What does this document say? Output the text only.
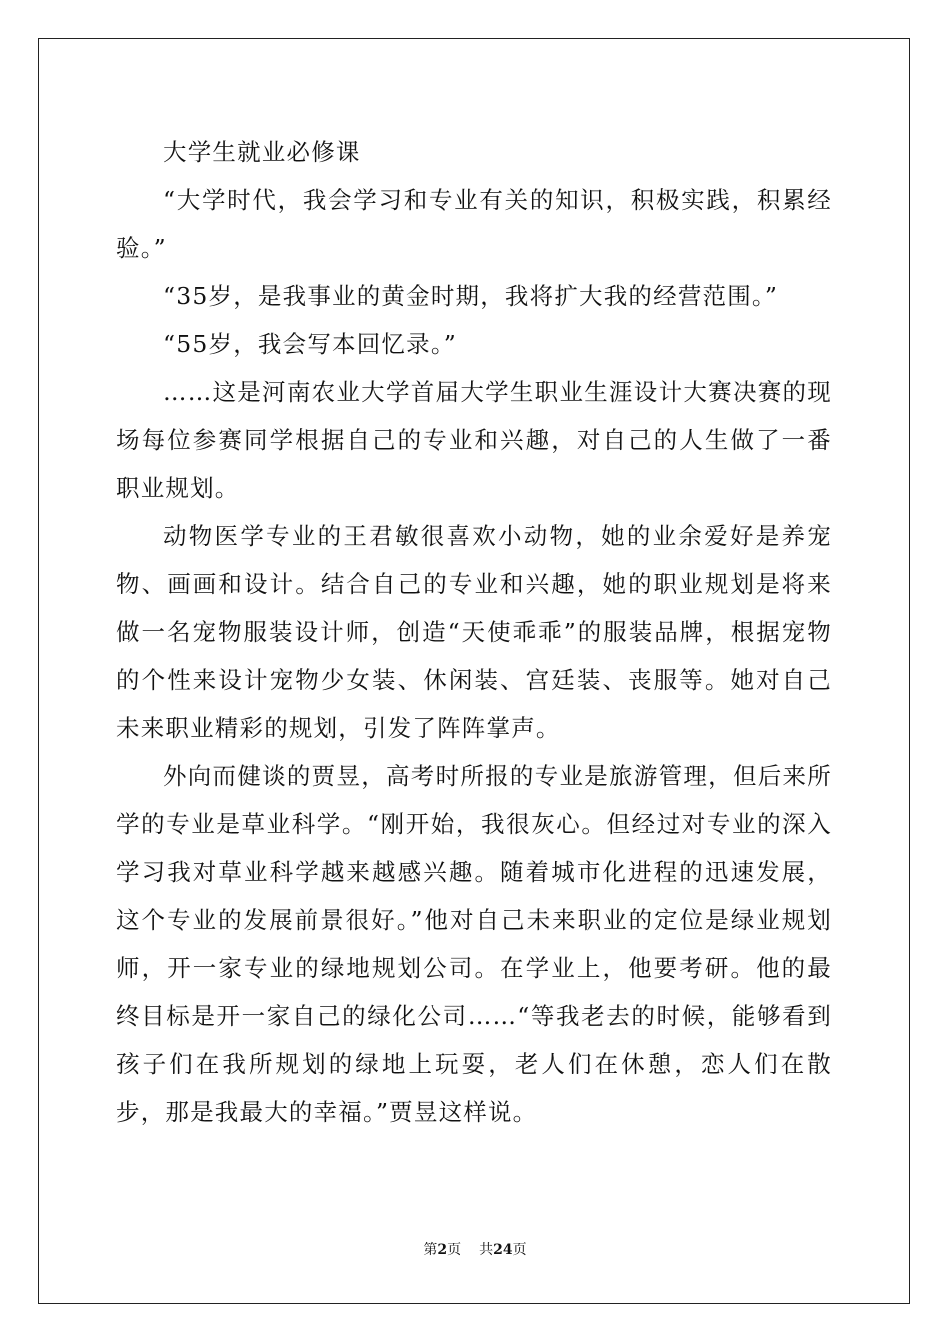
大学生就业必修课

“大学时代，我会学习和专业有关的知识，积极实践，积累经验。”

“35岁，是我事业的黄金时期，我将扩大我的经营范围。”

“55岁，我会写本回忆录。”

……这是河南农业大学首届大学生职业生涯设计大赛决赛的现场每位参赛同学根据自己的专业和兴趣，对自己的人生做了一番职业规划。

动物医学专业的王君敏很喜欢小动物，她的业余爱好是养宠物、画画和设计。结合自己的专业和兴趣，她的职业规划是将来做一名宠物服装设计师，创造“天使乖乖”的服装品牌，根据宠物的个性来设计宠物少女装、休闲装、宫廷装、丧服等。她对自己未来职业精彩的规划，引发了阵阵掌声。

外向而健谈的贾昱，高考时所报的专业是旅游管理，但后来所学的专业是草业科学。“刚开始，我很灰心。但经过对专业的深入学习我对草业科学越来越感兴趣。随着城市化进程的迅速发展，这个专业的发展前景很好。”他对自己未来职业的定位是绿业规划师，开一家专业的绿地规划公司。在学业上，他要考研。他的最终目标是开一家自己的绿化公司……“等我老去的时候，能够看到孩子们在我所规划的绿地上玩耍，老人们在休憩，恋人们在散步，那是我最大的幸福。”贾昱这样说。

第2页 共24页
